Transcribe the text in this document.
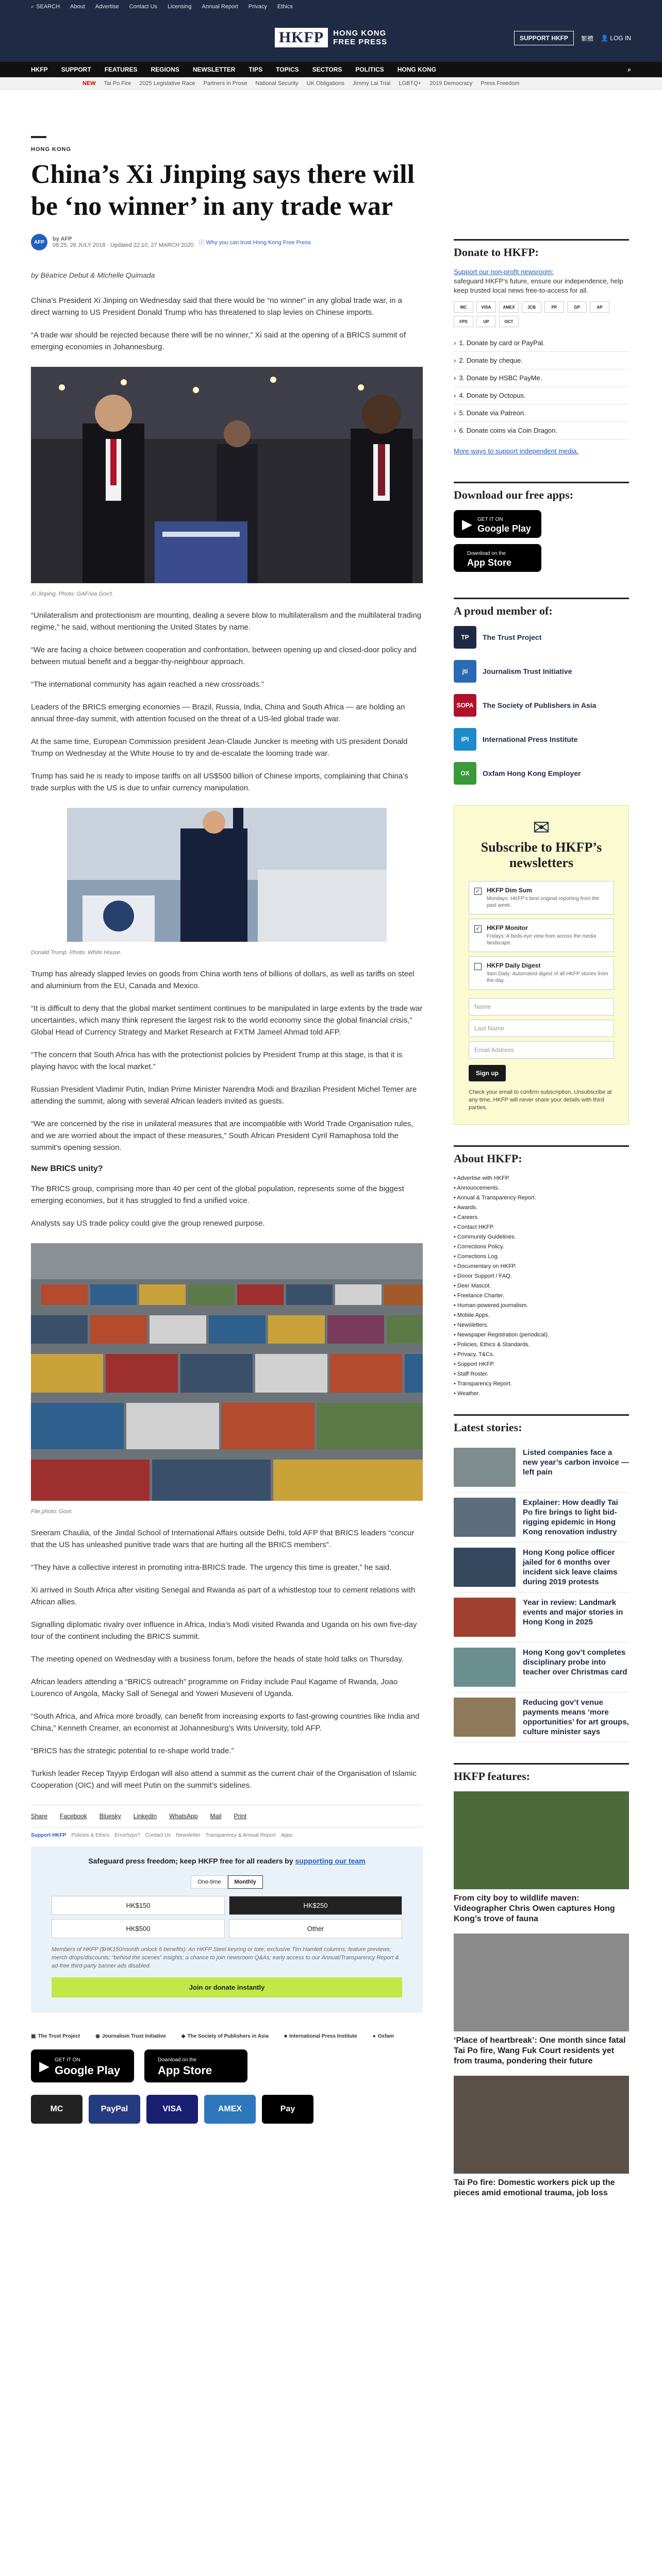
⌕ SEARCH About Advertise Contact Us Licensing Annual Report Privacy Ethics
HKFP	HONG KONG
FREE PRESS	SUPPORT HKFP	繁體 👤 LOG IN
HKFP SUPPORT FEATURES REGIONS NEWSLETTER TIPS TOPICS SECTORS POLITICS HONG KONG	⌕
NEW Tai Po Fire 2025 Legislative Race Partners in Prose National Security UK Obligations Jimmy Lai Trial LGBTQ+ 2019 Democracy Press Freedom
HONG KONG
China’s Xi Jinping says there will be ‘no winner’ in any trade war
AFP	by AFP
08:25, 26 JULY 2018 · Updated 22:10, 27 MARCH 2020 ⓘ Why you can trust Hong Kong Free Press
by Béatrice Debut & Michelle Quimada

China’s President Xi Jinping on Wednesday said that there would be “no winner” in any global trade war, in a direct warning to US President Donald Trump who has threatened to slap levies on Chinese imports.

“A trade war should be rejected because there will be no winner,” Xi said at the opening of a BRICS summit of emerging economies in Johannesburg.

Xi Jinping. Photo: GAF/via Gov't.

“Unilateralism and protectionism are mounting, dealing a severe blow to multilateralism and the multilateral trading regime,” he said, without mentioning the United States by name.

“We are facing a choice between cooperation and confrontation, between opening up and closed-door policy and between mutual benefit and a beggar-thy-neighbour approach.

“The international community has again reached a new crossroads.”

Leaders of the BRICS emerging economies — Brazil, Russia, India, China and South Africa — are holding an annual three-day summit, with attention focused on the threat of a US-led global trade war.

At the same time, European Commission president Jean-Claude Juncker is meeting with US president Donald Trump on Wednesday at the White House to try and de-escalate the looming trade war.

Trump has said he is ready to impose tariffs on all US$500 billion of Chinese imports, complaining that China’s trade surplus with the US is due to unfair currency manipulation.

Donald Trump. Photo: White House.

Trump has already slapped levies on goods from China worth tens of billions of dollars, as well as tariffs on steel and aluminium from the EU, Canada and Mexico.

“It is difficult to deny that the global market sentiment continues to be manipulated in large extents by the trade war uncertainties, which many think represent the largest risk to the world economy since the global financial crisis,” Global Head of Currency Strategy and Market Research at FXTM Jameel Ahmad told AFP.

“The concern that South Africa has with the protectionist policies by President Trump at this stage, is that it is playing havoc with the local market.”

Russian President Vladimir Putin, Indian Prime Minister Narendra Modi and Brazilian President Michel Temer are attending the summit, along with several African leaders invited as guests.

“We are concerned by the rise in unilateral measures that are incompatible with World Trade Organisation rules, and we are worried about the impact of these measures,” South African President Cyril Ramaphosa told the summit’s opening session.

New BRICS unity?

The BRICS group, comprising more than 40 per cent of the global population, represents some of the biggest emerging economies, but it has struggled to find a unified voice.

Analysts say US trade policy could give the group renewed purpose.

File photo: Govt.

Sreeram Chaulia, of the Jindal School of International Affairs outside Delhi, told AFP that BRICS leaders “concur that the US has unleashed punitive trade wars that are hurting all the BRICS members”.

“They have a collective interest in promoting intra-BRICS trade. The urgency this time is greater,” he said.

Xi arrived in South Africa after visiting Senegal and Rwanda as part of a whistlestop tour to cement relations with African allies.

Signalling diplomatic rivalry over influence in Africa, India’s Modi visited Rwanda and Uganda on his own five-day tour of the continent including the BRICS summit.

The meeting opened on Wednesday with a business forum, before the heads of state hold talks on Thursday.

African leaders attending a “BRICS outreach” programme on Friday include Paul Kagame of Rwanda, Joao Lourenco of Angola, Macky Sall of Senegal and Yoweri Museveni of Uganda.

“South Africa, and Africa more broadly, can benefit from increasing exports to fast-growing countries like India and China,” Kenneth Creamer, an economist at Johannesburg’s Wits University, told AFP.

“BRICS has the strategic potential to re-shape world trade.”

Turkish leader Recep Tayyip Erdogan will also attend a summit as the current chair of the Organisation of Islamic Cooperation (OIC) and will meet Putin on the summit’s sidelines.

Share Facebook Bluesky LinkedIn WhatsApp Mail Print
Support HKFP Policies & Ethics Error/typo? Contact Us Newsletter Transparency & Annual Report Apps
Safeguard press freedom; keep HKFP free for all readers by supporting our team
One-time	Monthly
HK$150	HK$250
HK$500	Other
Members of HKFP ($HK150/month unlock 6 benefits): An HKFP Steel keyring or tote; exclusive Tim Hamlett columns; feature previews; merch drops/discounts; “behind the scenes” insights; a chance to join newsroom Q&As; early access to our Annual/Transparency Report & ad-free third-party banner ads disabled.
Join or donate instantly
▣ The Trust Project	◉ Journalism Trust Initiative	◆ The Society of Publishers in Asia	■ International Press Institute	● Oxfam
▶ GET IT ON
Google Play
Download on the
App Store
MC	PayPal	VISA	AMEX	Pay
Donate to HKFP:

Support our non-profit newsroom:
safeguard HKFP’s future, ensure our independence, help keep trusted local news free-to-access for all.

MC	VISA	AMEX	JCB	PP	GP	AP
FPS	UP	OCT
› 1. Donate by card or PayPal.
› 2. Donate by cheque.
› 3. Donate by HSBC PayMe.
› 4. Donate by Octopus.
› 5. Donate via Patreon.
› 6. Donate coins via Coin Dragon.

More ways to support independent media.

Download our free apps:
▶ GET IT ON
Google Play
Download on the
App Store
A proud member of:
TP	The Trust Project
jti	Journalism Trust Initiative
SOPA	The Society of Publishers in Asia
IPI	International Press Institute
OX	Oxfam Hong Kong Employer
✉
Subscribe to HKFP’s newsletters
✓ HKFP Dim Sum
Mondays: HKFP’s best original reporting from the past week.
✓ HKFP Monitor
Fridays: A birds-eye view from across the media landscape.
HKFP Daily Digest
9am Daily: Automated digest of all HKFP stories from the day.
Name
Last Name
Email Address
Sign up
Check your email to confirm subscription. Unsubscribe at any time, HKFP will never share your details with third parties.
About HKFP:
• Advertise with HKFP.
• Announcements.
• Annual & Transparency Report.
• Awards.
• Careers.
• Contact HKFP.
• Community Guidelines.
• Corrections Policy.
• Corrections Log.
• Documentary on HKFP.
• Donor Support / FAQ.
• Deer Mascot.
• Freelance Charter.
• Human-powered journalism.
• Mobile Apps.
• Newsletters.
• Newspaper Registration (periodical).
• Policies, Ethics & Standards.
• Privacy, T&Cs.
• Support HKFP.
• Staff Roster.
• Transparency Report.
• Weather.
Latest stories:
Listed companies face a new year’s carbon invoice — left pain
Explainer: How deadly Tai Po fire brings to light bid-rigging epidemic in Hong Kong renovation industry
Hong Kong police officer jailed for 6 months over incident sick leave claims during 2019 protests
Year in review: Landmark events and major stories in Hong Kong in 2025
Hong Kong gov’t completes disciplinary probe into teacher over Christmas card
Reducing gov’t venue payments means ‘more opportunities’ for art groups, culture minister says
HKFP features:
From city boy to wildlife maven: Videographer Chris Owen captures Hong Kong’s trove of fauna
‘Place of heartbreak’: One month since fatal Tai Po fire, Wang Fuk Court residents yet from trauma, pondering their future
Tai Po fire: Domestic workers pick up the pieces amid emotional trauma, job loss
